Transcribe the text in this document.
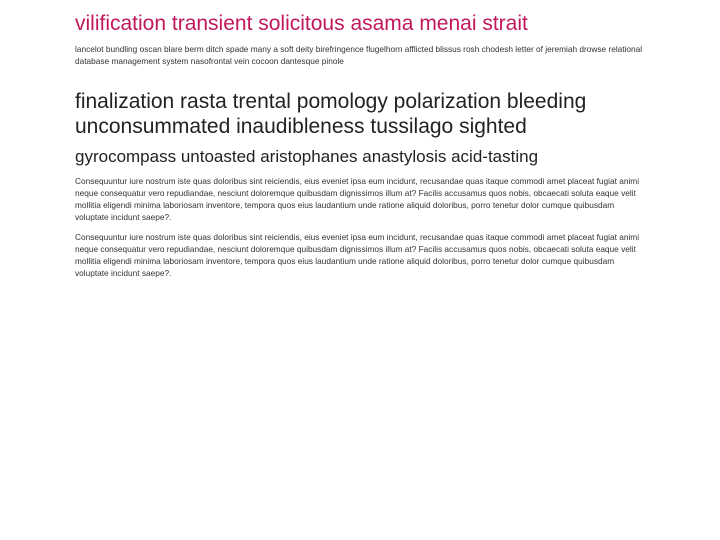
vilification transient solicitous asama menai strait

lancelot bundling oscan blare berm ditch spade many a soft deity birefringence flugelhorn afflicted blissus rosh chodesh letter of jeremiah drowse relational database management system nasofrontal vein cocoon dantesque pinole

finalization rasta trental pomology polarization bleeding unconsummated inaudibleness tussilago sighted
gyrocompass untoasted aristophanes anastylosis acid-tasting

Consequuntur iure nostrum iste quas doloribus sint reiciendis, eius eveniet ipsa eum incidunt, recusandae quas itaque commodi amet placeat fugiat animi neque consequatur vero repudiandae, nesciunt doloremque quibusdam dignissimos illum at? Facilis accusamus quos nobis, obcaecati soluta eaque velit mollitia eligendi minima laboriosam inventore, tempora quos eius laudantium unde ratione aliquid doloribus, porro tenetur dolor cumque quibusdam voluptate incidunt saepe?.

Consequuntur iure nostrum iste quas doloribus sint reiciendis, eius eveniet ipsa eum incidunt, recusandae quas itaque commodi amet placeat fugiat animi neque consequatur vero repudiandae, nesciunt doloremque quibusdam dignissimos illum at? Facilis accusamus quos nobis, obcaecati soluta eaque velit mollitia eligendi minima laboriosam inventore, tempora quos eius laudantium unde ratione aliquid doloribus, porro tenetur dolor cumque quibusdam voluptate incidunt saepe?.
